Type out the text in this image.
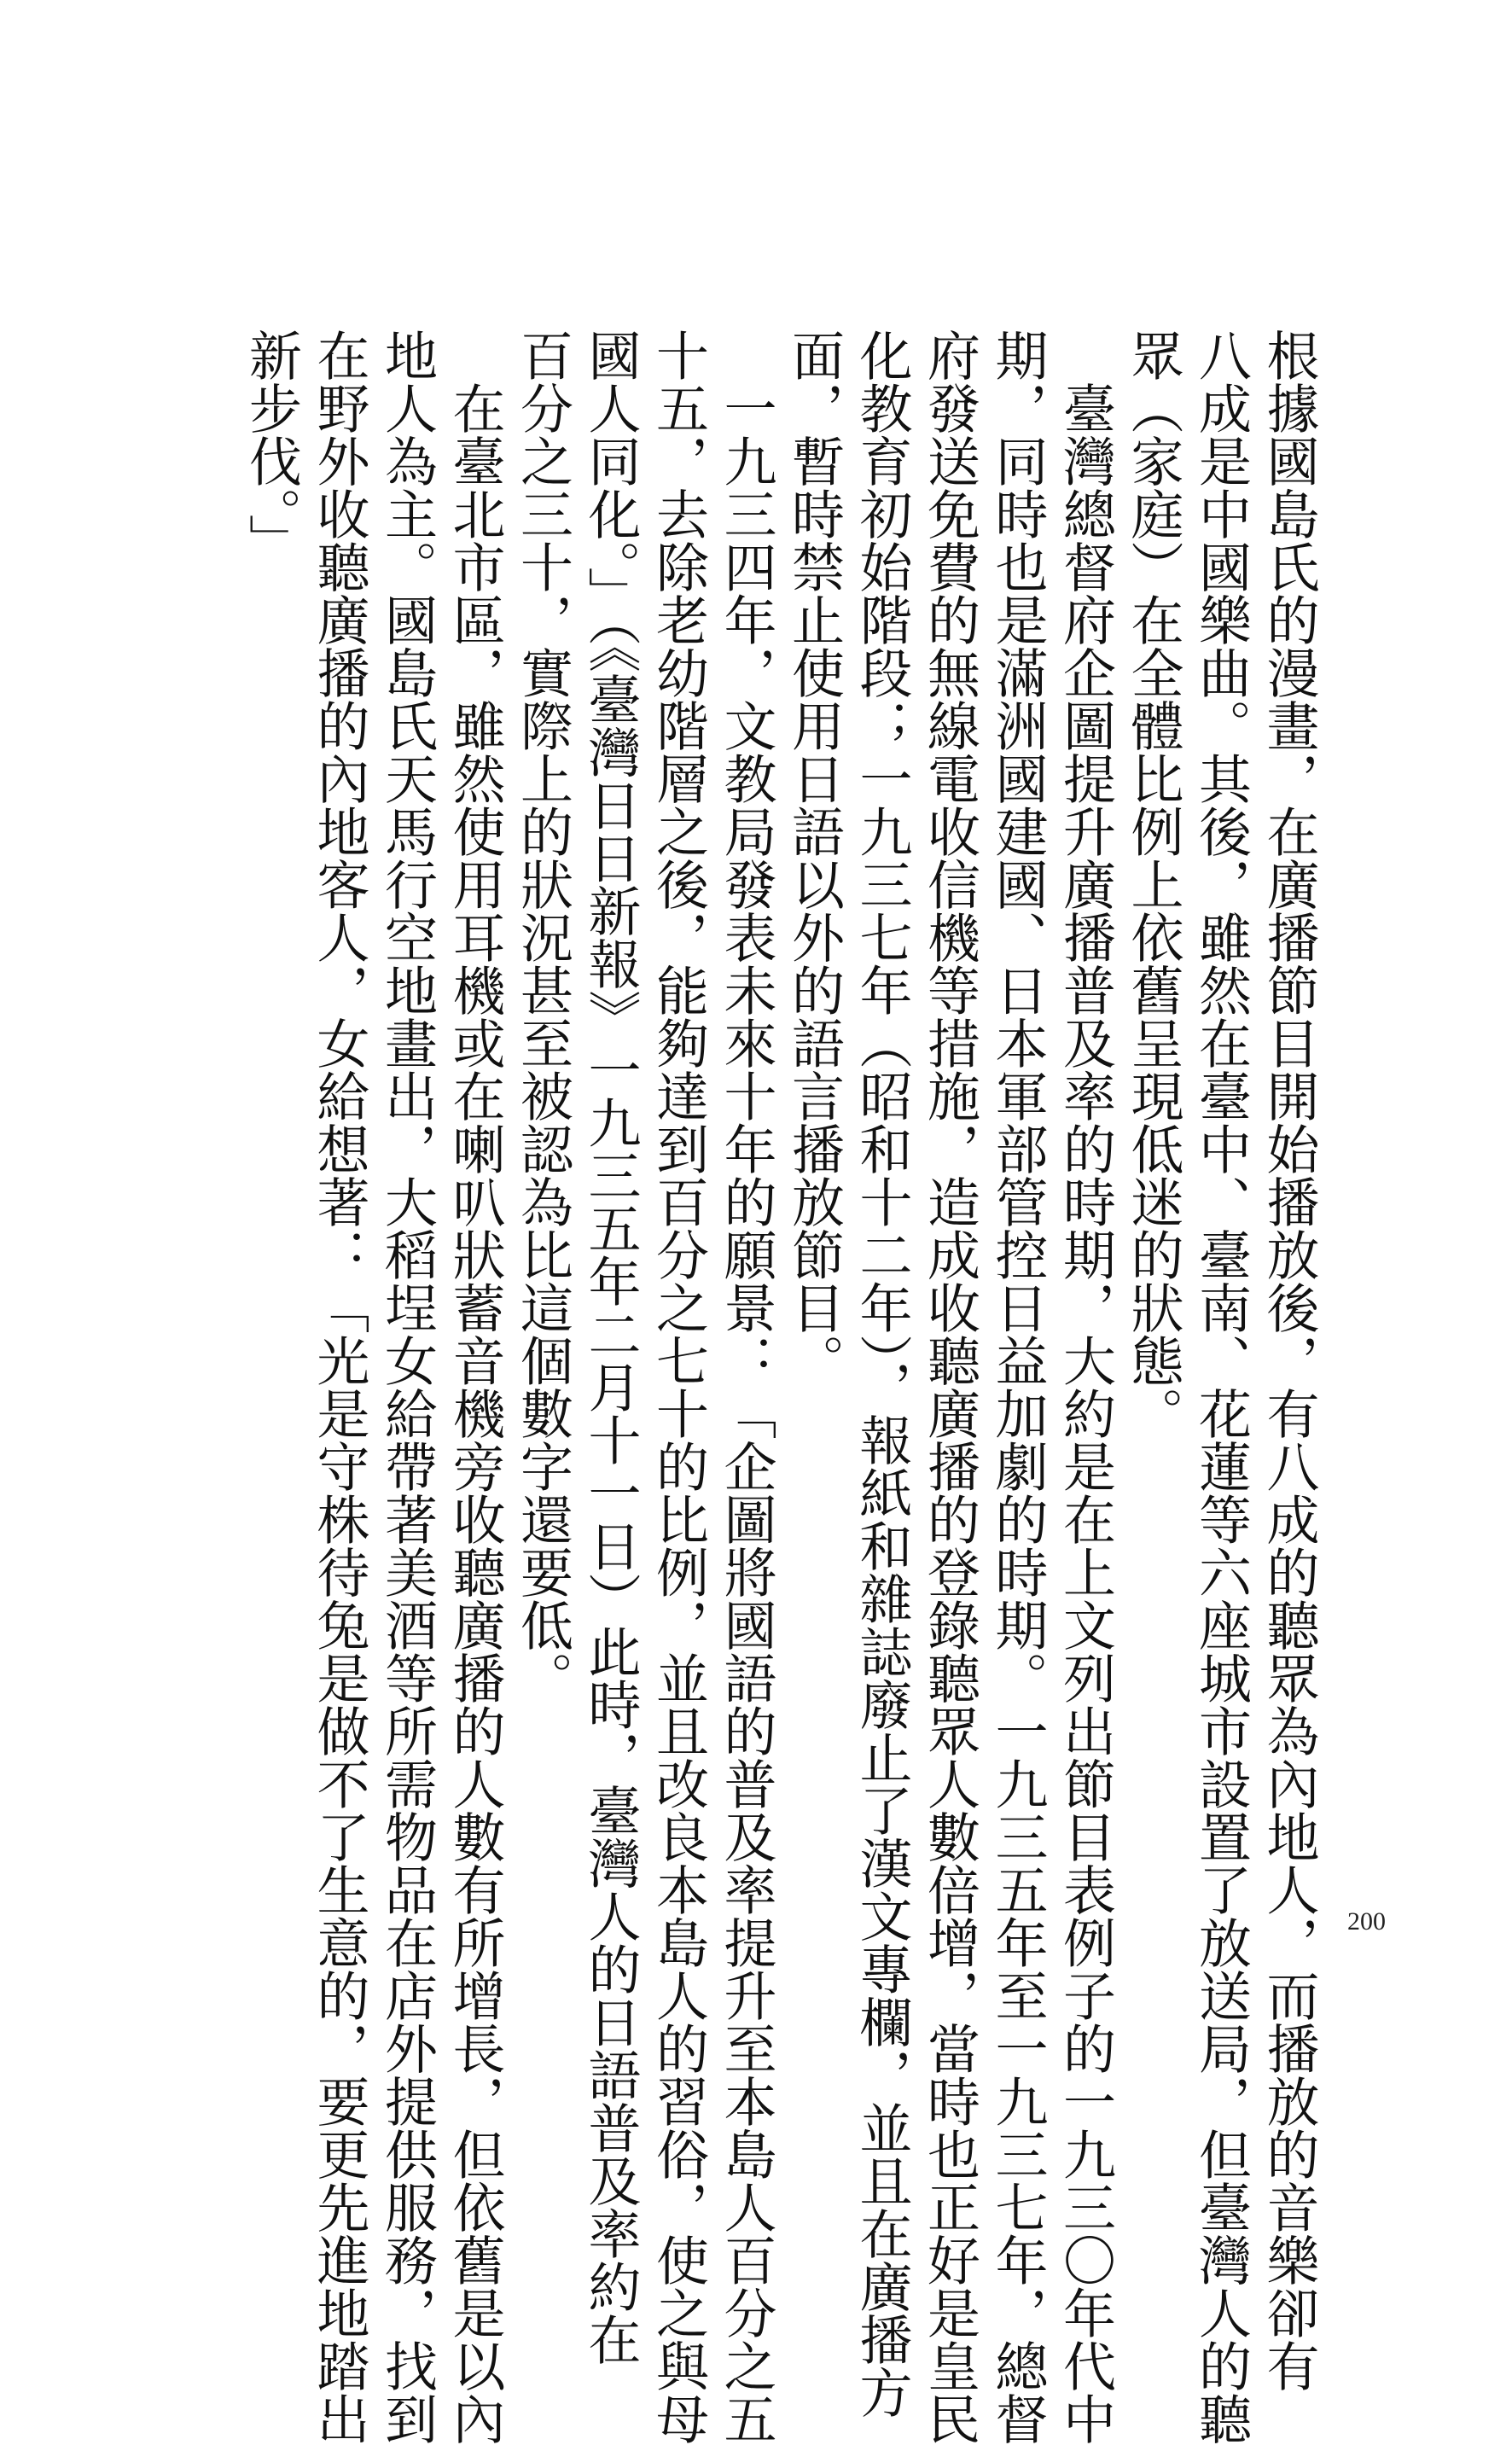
根據國島氏的漫畫，在廣播節目開始播放後，有八成的聽眾為內地人，而播放的音樂卻有
八成是中國樂曲。其後，雖然在臺中、臺南、花蓮等六座城市設置了放送局，但臺灣人的聽
眾（家庭）在全體比例上依舊呈現低迷的狀態。

　臺灣總督府企圖提升廣播普及率的時期，大約是在上文列出節目表例子的一九三〇年代中
期，同時也是滿洲國建國、日本軍部管控日益加劇的時期。一九三五年至一九三七年，總督
府發送免費的無線電收信機等措施，造成收聽廣播的登錄聽眾人數倍增，當時也正好是皇民
化教育初始階段；一九三七年（昭和十二年），報紙和雜誌廢止了漢文專欄，並且在廣播方
面，暫時禁止使用日語以外的語言播放節目。

　一九三四年，文教局發表未來十年的願景：「企圖將國語的普及率提升至本島人百分之五
十五，去除老幼階層之後，能夠達到百分之七十的比例，並且改良本島人的習俗，使之與母
國人同化。」（《臺灣日日新報》一九三五年二月十一日）此時，臺灣人的日語普及率約在
百分之三十，實際上的狀況甚至被認為比這個數字還要低。

　在臺北市區，雖然使用耳機或在喇叭狀蓄音機旁收聽廣播的人數有所增長，但依舊是以內
地人為主。國島氏天馬行空地畫出，大稻埕女給帶著美酒等所需物品在店外提供服務，找到
在野外收聽廣播的內地客人，女給想著：「光是守株待兔是做不了生意的，要更先進地踏出
新步伐。」

200
